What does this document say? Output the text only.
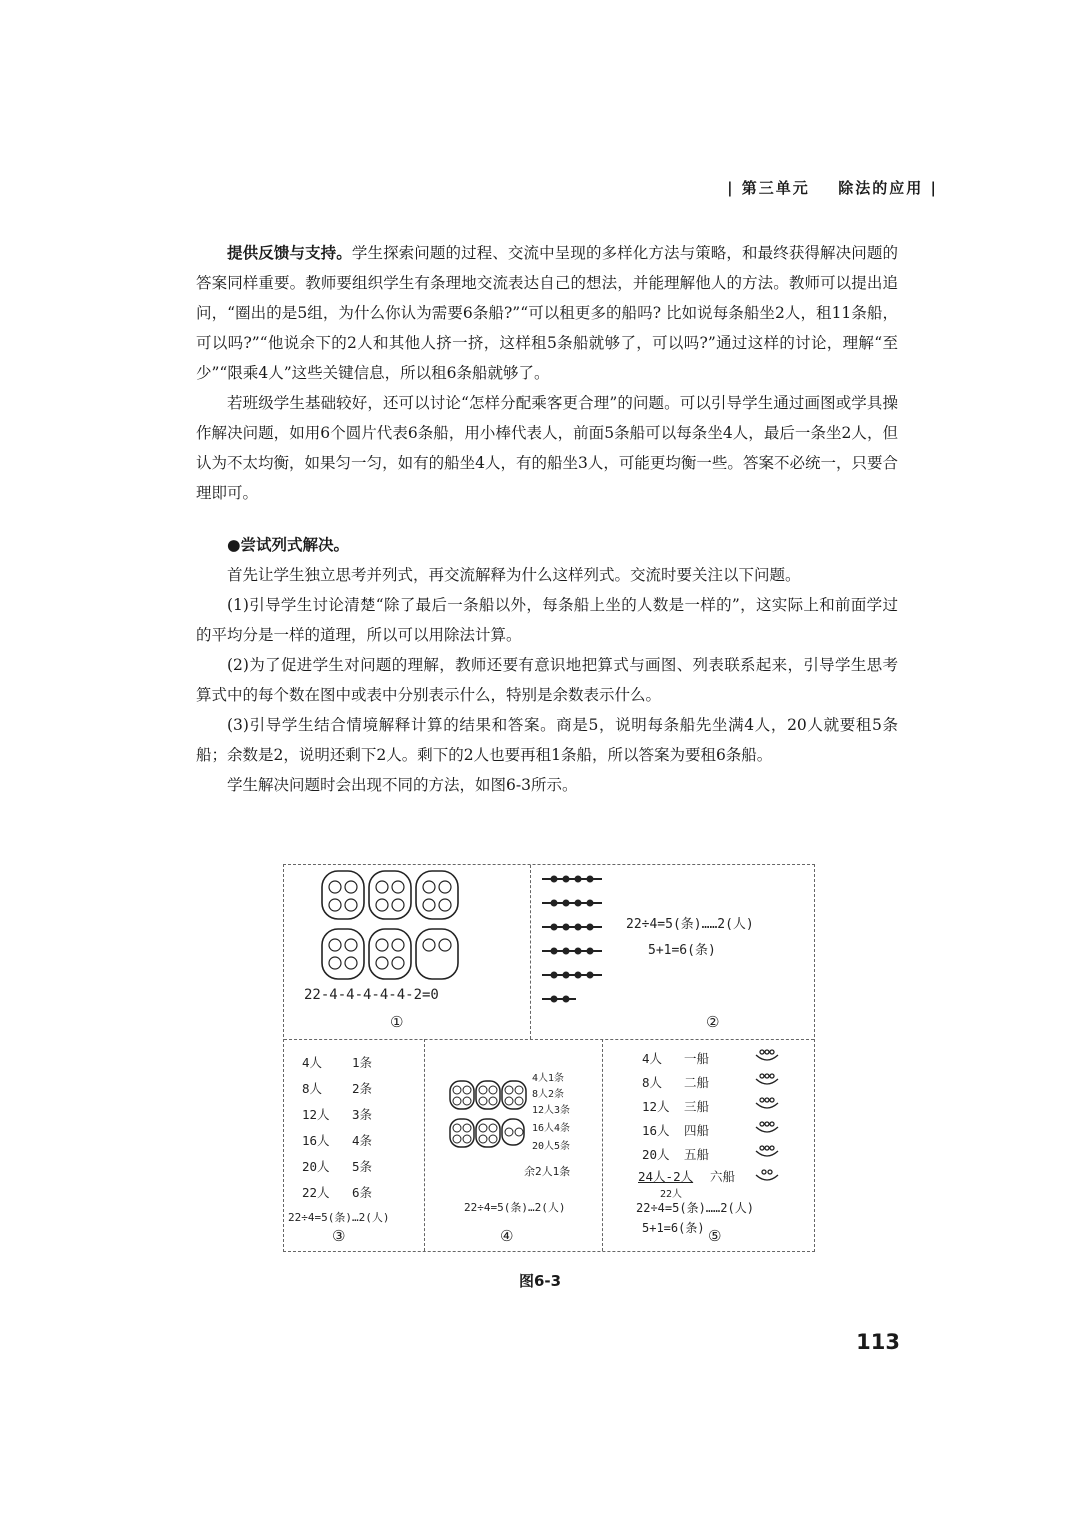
| 第三单元 除法的应用 |

提供反馈与支持。学生探索问题的过程、交流中呈现的多样化方法与策略，和最终获得解决问题的答案同样重要。教师要组织学生有条理地交流表达自己的想法，并能理解他人的方法。教师可以提出追问，“圈出的是5组，为什么你认为需要6条船?”“可以租更多的船吗? 比如说每条船坐2人，租11条船，可以吗?”“他说余下的2人和其他人挤一挤，这样租5条船就够了，可以吗?”通过这样的讨论，理解“至少”“限乘4人”这些关键信息，所以租6条船就够了。

若班级学生基础较好，还可以讨论“怎样分配乘客更合理”的问题。可以引导学生通过画图或学具操作解决问题，如用6个圆片代表6条船，用小棒代表人，前面5条船可以每条坐4人，最后一条坐2人，但认为不太均衡，如果匀一匀，如有的船坐4人，有的船坐3人，可能更均衡一些。答案不必统一，只要合理即可。

●尝试列式解决。

首先让学生独立思考并列式，再交流解释为什么这样列式。交流时要关注以下问题。

(1)引导学生讨论清楚“除了最后一条船以外，每条船上坐的人数是一样的”，这实际上和前面学过的平均分是一样的道理，所以可以用除法计算。

(2)为了促进学生对问题的理解，教师还要有意识地把算式与画图、列表联系起来，引导学生思考算式中的每个数在图中或表中分别表示什么，特别是余数表示什么。

(3)引导学生结合情境解释计算的结果和答案。商是5，说明每条船先坐满4人，20人就要租5条船；余数是2，说明还剩下2人。剩下的2人也要再租1条船，所以答案为要租6条船。

学生解决问题时会出现不同的方法，如图6-3所示。

22-4-4-4-4-4-2=0
①
22÷4=5(条)……2(人)
5+1=6(条)
②
4人 1条
8人 2条
12人 3条
16人 4条
20人 5条
22人 6条
22÷4=5(条)…2(人)
③
4人1条
8人2条
12人3条
16人4条
20人5条
余2人1条
22÷4=5(条)…2(人)
④
4人 一船
8人 二船
12人 三船
16人 四船
20人 五船
24人-2人 六船
22人
22÷4=5(条)……2(人)
5+1=6(条) ⑤
图6-3
113
